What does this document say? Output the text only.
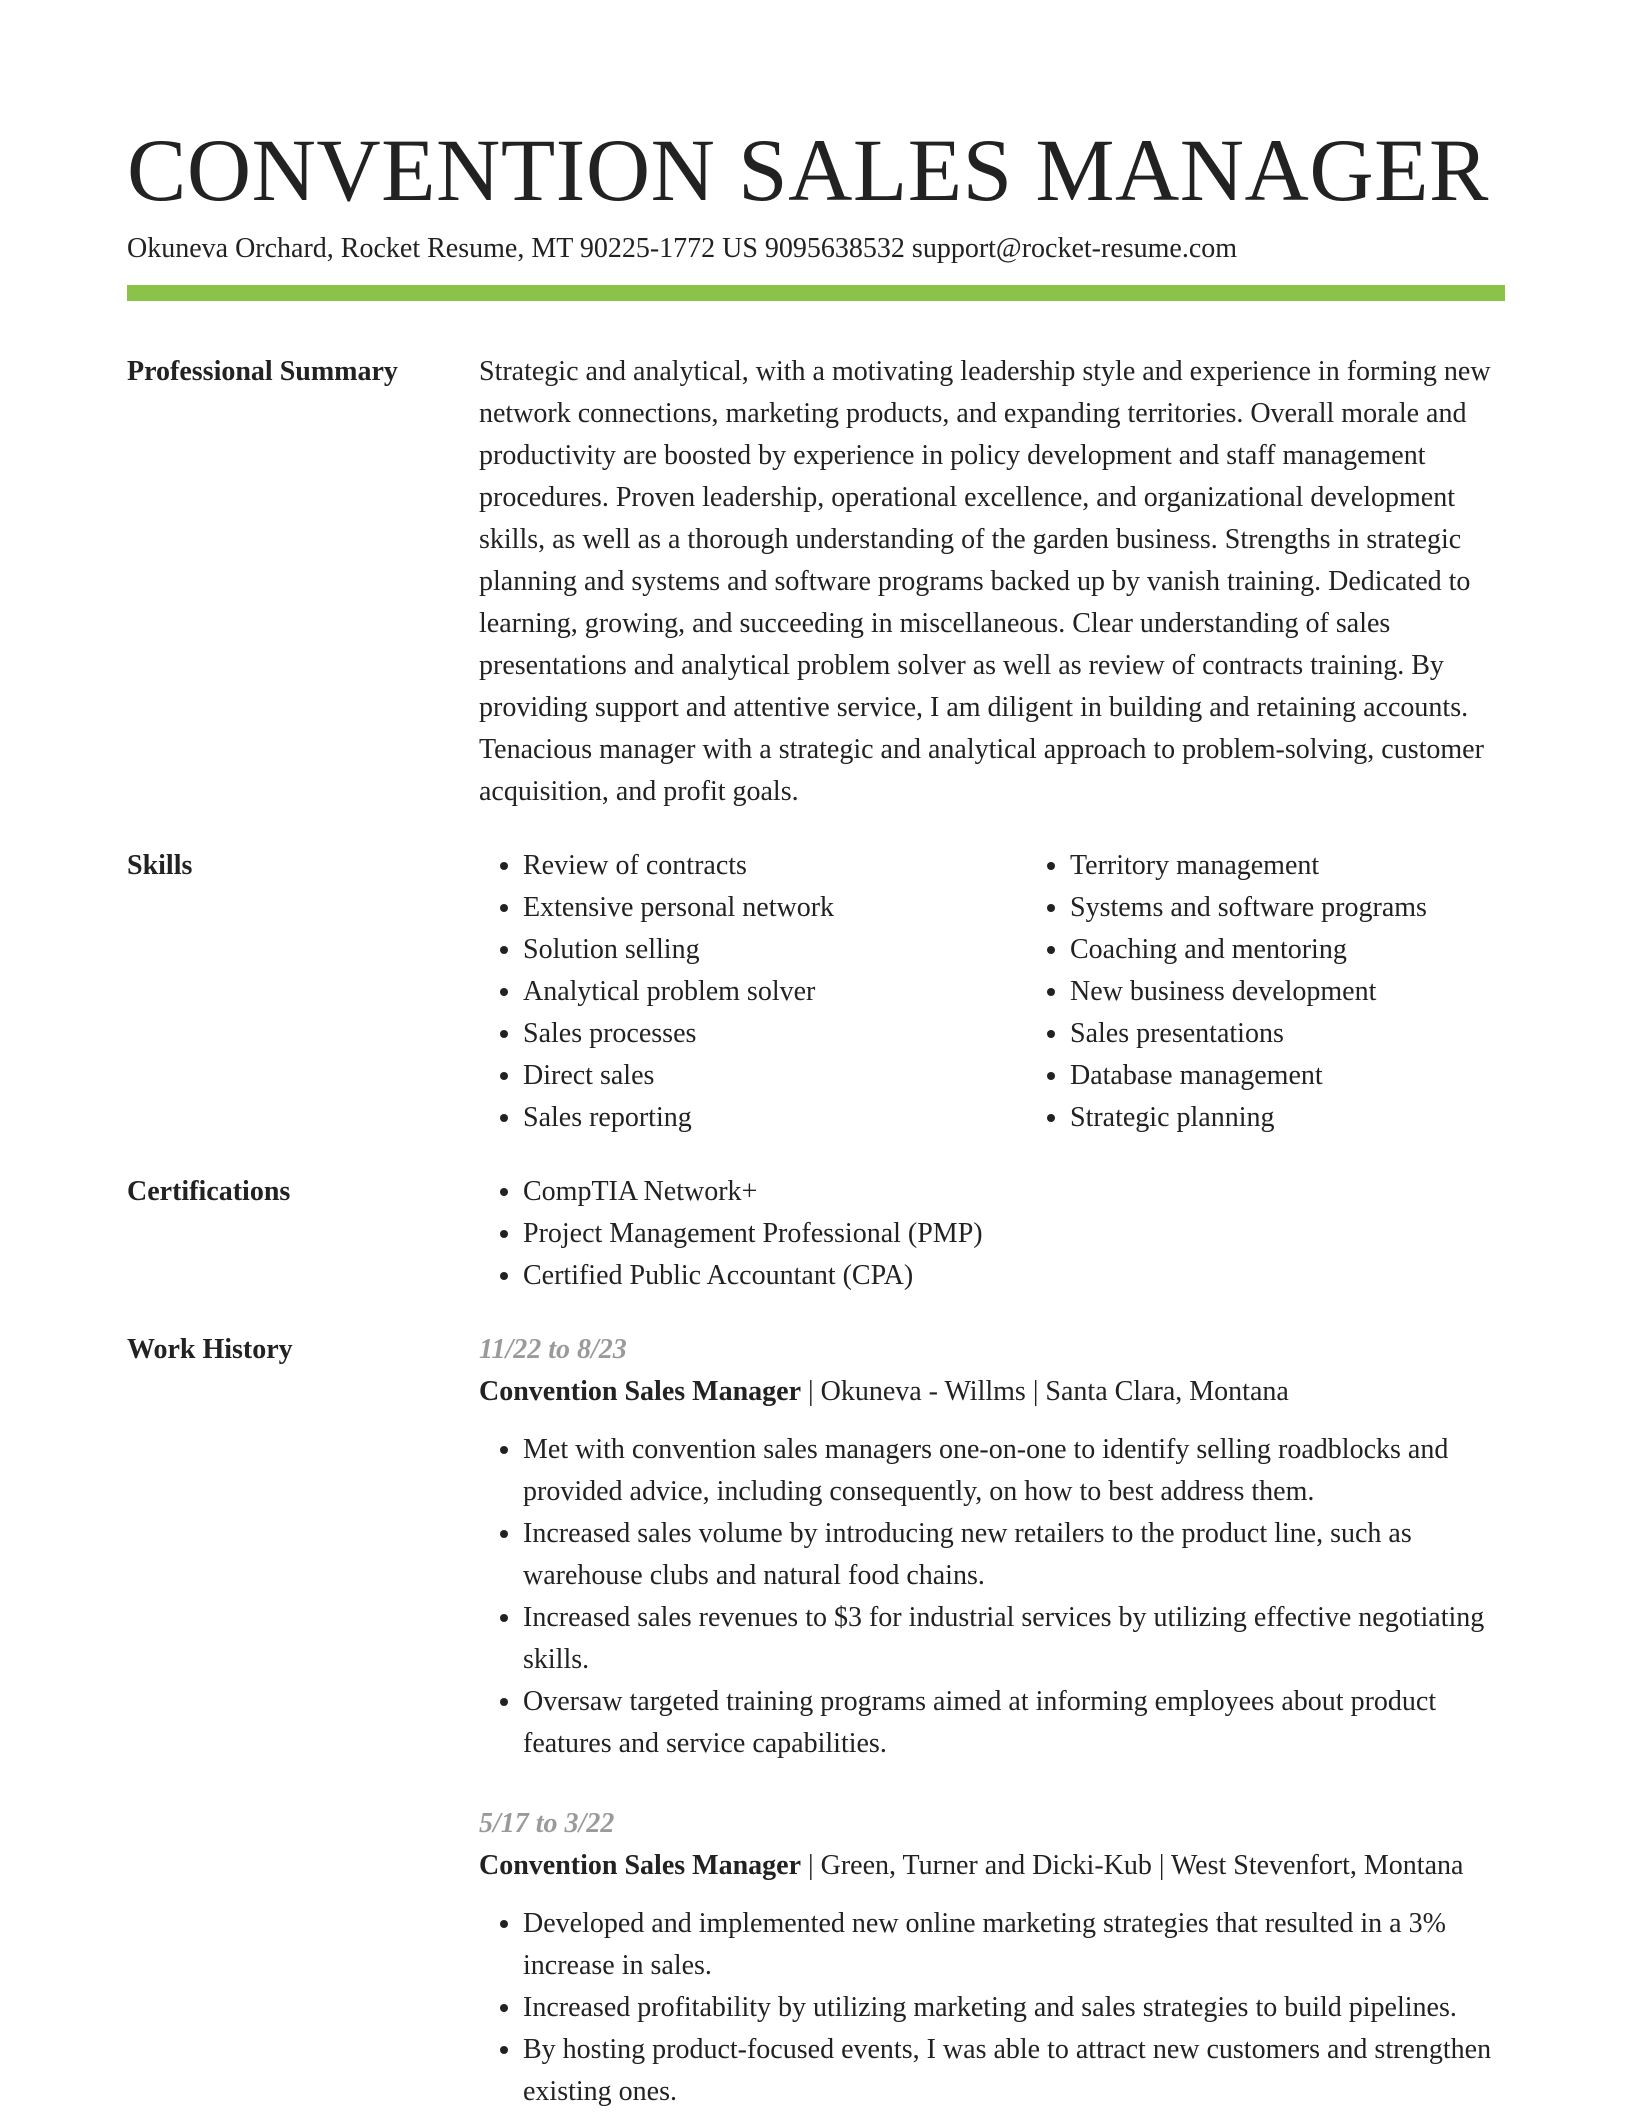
CONVENTION SALES MANAGER
Okuneva Orchard, Rocket Resume, MT 90225-1772 US 9095638532 support@rocket-resume.com
Professional Summary	Strategic and analytical, with a motivating leadership style and experience in forming new network connections, marketing products, and expanding territories. Overall morale and productivity are boosted by experience in policy development and staff management procedures. Proven leadership, operational excellence, and organizational development skills, as well as a thorough understanding of the garden business. Strengths in strategic planning and systems and software programs backed up by vanish training. Dedicated to learning, growing, and succeeding in miscellaneous. Clear understanding of sales presentations and analytical problem solver as well as review of contracts training. By providing support and attentive service, I am diligent in building and retaining accounts. Tenacious manager with a strategic and analytical approach to problem-solving, customer acquisition, and profit goals.

Skills	• Review of contracts
• Extensive personal network
• Solution selling
• Analytical problem solver
• Sales processes
• Direct sales
• Sales reporting
• Territory management
• Systems and software programs
• Coaching and mentoring
• New business development
• Sales presentations
• Database management
• Strategic planning
Certifications	• CompTIA Network+
• Project Management Professional (PMP)
• Certified Public Accountant (CPA)
Work History	11/22 to 8/23
Convention Sales Manager | Okuneva - Willms | Santa Clara, Montana
• Met with convention sales managers one-on-one to identify selling roadblocks and provided advice, including consequently, on how to best address them.
• Increased sales volume by introducing new retailers to the product line, such as warehouse clubs and natural food chains.
• Increased sales revenues to $3 for industrial services by utilizing effective negotiating skills.
• Oversaw targeted training programs aimed at informing employees about product features and service capabilities.
5/17 to 3/22
Convention Sales Manager | Green, Turner and Dicki-Kub | West Stevenfort, Montana
• Developed and implemented new online marketing strategies that resulted in a 3% increase in sales.
• Increased profitability by utilizing marketing and sales strategies to build pipelines.
• By hosting product-focused events, I was able to attract new customers and strengthen existing ones.
